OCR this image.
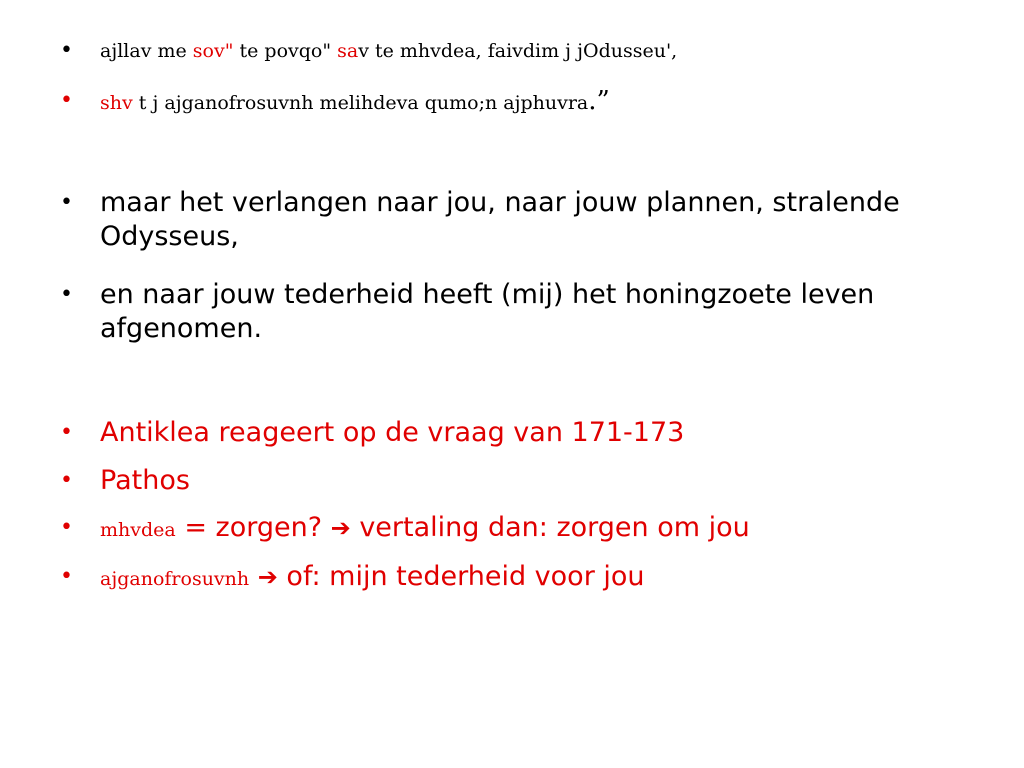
•	ajllav me sov" te povqo" sav te mhvdea, faivdim j jOdusseu',
•	shv t j ajganofrosuvnh melihdeva qumo;n ajphuvra.”
•	maar het verlangen naar jou, naar jouw plannen, stralende Odysseus,
•	en naar jouw tederheid heeft (mij) het honingzoete leven afgenomen.
•	Antiklea reageert op de vraag van 171-173
•	Pathos
•	mhvdea = zorgen? ➔ vertaling dan: zorgen om jou
•	ajganofrosuvnh ➔ of: mijn tederheid voor jou
